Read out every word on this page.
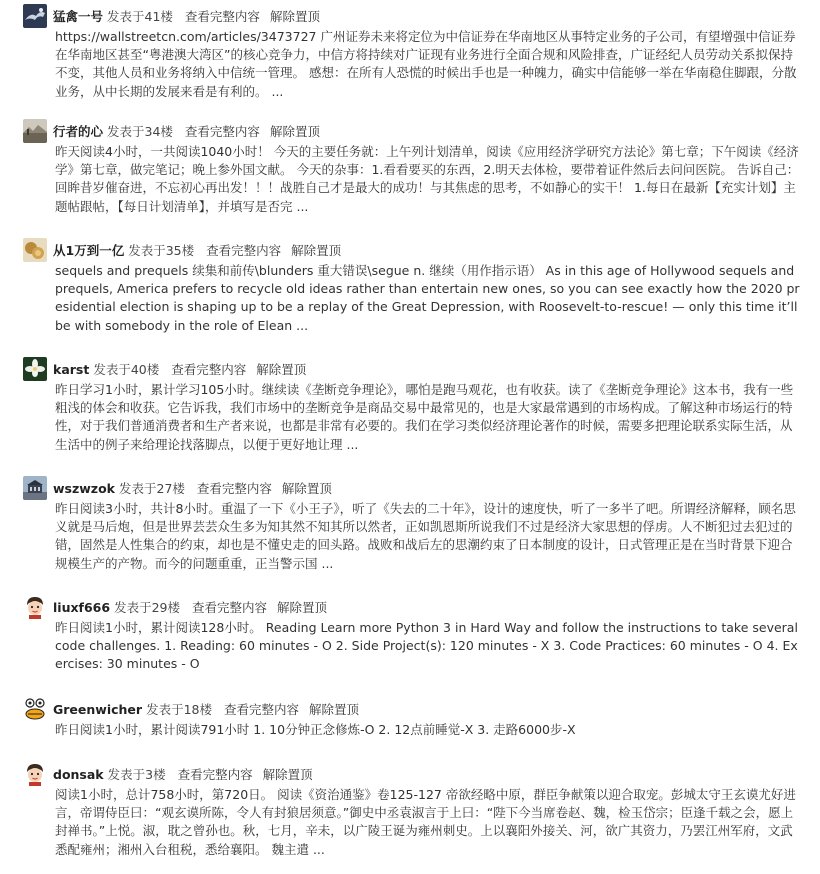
猛禽一号 发表于41楼 查看完整内容 解除置顶
https://wallstreetcn.com/articles/3473727 广州证券未来将定位为中信证券在华南地区从事特定业务的子公司，有望增强中信证券在华南地区甚至“粤港澳大湾区”的核心竞争力，中信方将持续对广证现有业务进行全面合规和风险排查，广证经纪人员劳动关系拟保持不变，其他人员和业务将纳入中信统一管理。 感想：在所有人恐慌的时候出手也是一种魄力，确实中信能够一举在华南稳住脚跟，分散业务，从中长期的发展来看是有利的。 ...
行者的心 发表于34楼 查看完整内容 解除置顶
昨天阅读4小时，一共阅读1040小时！ 今天的主要任务就：上午列计划清单，阅读《应用经济学研究方法论》第七章；下午阅读《经济学》第七章，做完笔记；晚上参外国文献。 今天的杂事：1.看看要买的东西，2.明天去体检，要带着证件然后去问问医院。 告诉自己：回眸昔岁催奋进，不忘初心再出发！！！战胜自己才是最大的成功！与其焦虑的思考，不如静心的实干！ 1.每日在最新【充实计划】主题帖跟帖，【每日计划清单】，并填写是否完 ...
从1万到一亿 发表于35楼 查看完整内容 解除置顶
sequels and prequels 续集和前传\blunders 重大错误\segue n. 继续（用作指示语） As in this age of Hollywood sequels and prequels, America prefers to recycle old ideas rather than entertain new ones, so you can see exactly how the 2020 presidential election is shaping up to be a replay of the Great Depression, with Roosevelt-to-rescue! — only this time it’ll be with somebody in the role of Elean ...
karst 发表于40楼 查看完整内容 解除置顶
昨日学习1小时，累计学习105小时。继续读《垄断竞争理论》，哪怕是跑马观花，也有收获。读了《垄断竞争理论》这本书，我有一些粗浅的体会和收获。它告诉我，我们市场中的垄断竞争是商品交易中最常见的，也是大家最常遇到的市场构成。了解这种市场运行的特性，对于我们普通消费者和生产者来说，也都是非常有必要的。我们在学习类似经济理论著作的时候，需要多把理论联系实际生活，从生活中的例子来给理论找落脚点，以便于更好地让理 ...
wszwzok 发表于27楼 查看完整内容 解除置顶
昨日阅读3小时，共计8小时。重温了一下《小王子》，听了《失去的二十年》，设计的速度快，听了一多半了吧。所谓经济解释，顾名思义就是马后炮，但是世界芸芸众生多为知其然不知其所以然者，正如凯恩斯所说我们不过是经济大家思想的俘虏。人不断犯过去犯过的错，固然是人性集合的约束，却也是不懂史走的回头路。战败和战后左的思潮约束了日本制度的设计，日式管理正是在当时背景下迎合规模生产的产物。而今的问题重重，正当警示国 ...
liuxf666 发表于29楼 查看完整内容 解除置顶
昨日阅读1小时，累计阅读128小时。 Reading Learn more Python 3 in Hard Way and follow the instructions to take several code challenges. 1. Reading: 60 minutes - O 2. Side Project(s): 120 minutes - X 3. Code Practices: 60 minutes - O 4. Exercises: 30 minutes - O
Greenwicher 发表于18楼 查看完整内容 解除置顶
昨日阅读1小时，累计阅读791小时 1. 10分钟正念修炼-O 2. 12点前睡觉-X 3. 走路6000步-X
donsak 发表于3楼 查看完整内容 解除置顶
阅读1小时，总计758小时，第720日。 阅读《资治通鉴》卷125-127 帝欲经略中原，群臣争献策以迎合取宠。彭城太守王玄谟尤好进言，帝谓侍臣曰：“观玄谟所陈，令人有封狼居须意。”御史中丞袁淑言于上曰：“陛下今当席卷赵、魏，检玉岱宗；臣逢千载之会，愿上封禅书。”上悦。淑，耽之曾孙也。秋，七月，辛未，以广陵王诞为雍州刺史。上以襄阳外接关、河，欲广其资力，乃罢江州军府，文武悉配雍州；湘州入台租税，悉给襄阳。 魏主遣 ...
